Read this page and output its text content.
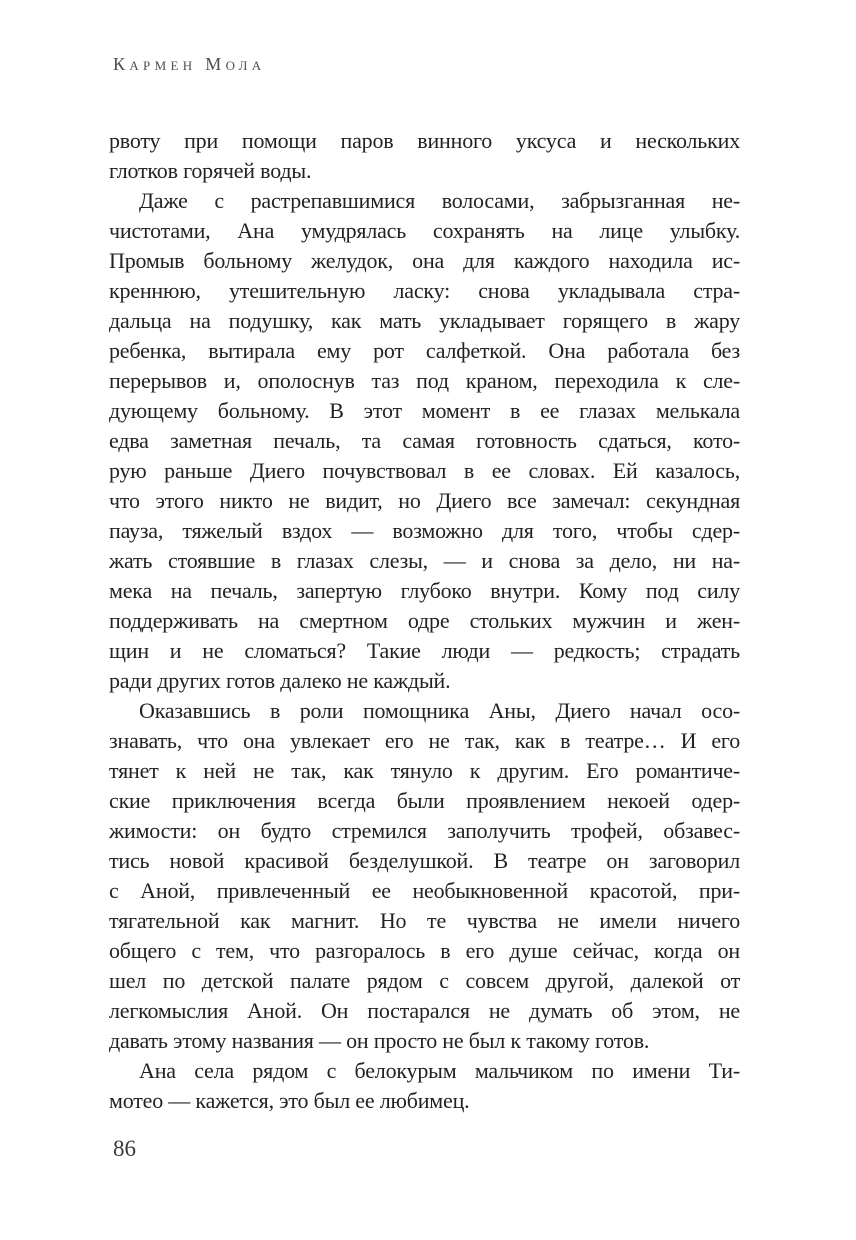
Кармен Мола
рвоту при помощи паров винного уксуса и нескольких
глотков горячей воды.
Даже с растрепавшимися волосами, забрызганная не-
чистотами, Ана умудрялась сохранять на лице улыбку.
Промыв больному желудок, она для каждого находила ис-
креннюю, утешительную ласку: снова укладывала стра-
дальца на подушку, как мать укладывает горящего в жару
ребенка, вытирала ему рот салфеткой. Она работала без
перерывов и, ополоснув таз под краном, переходила к сле-
дующему больному. В этот момент в ее глазах мелькала
едва заметная печаль, та самая готовность сдаться, кото-
рую раньше Диего почувствовал в ее словах. Ей казалось,
что этого никто не видит, но Диего все замечал: секундная
пауза, тяжелый вздох — возможно для того, чтобы сдер-
жать стоявшие в глазах слезы, — и снова за дело, ни на-
мека на печаль, запертую глубоко внутри. Кому под силу
поддерживать на смертном одре стольких мужчин и жен-
щин и не сломаться? Такие люди — редкость; страдать
ради других готов далеко не каждый.
Оказавшись в роли помощника Аны, Диего начал осо-
знавать, что она увлекает его не так, как в театре… И его
тянет к ней не так, как тянуло к другим. Его романтиче-
ские приключения всегда были проявлением некоей одер-
жимости: он будто стремился заполучить трофей, обзавес-
тись новой красивой безделушкой. В театре он заговорил
с Аной, привлеченный ее необыкновенной красотой, при-
тягательной как магнит. Но те чувства не имели ничего
общего с тем, что разгоралось в его душе сейчас, когда он
шел по детской палате рядом с совсем другой, далекой от
легкомыслия Аной. Он постарался не думать об этом, не
давать этому названия — он просто не был к такому готов.
Ана села рядом с белокурым мальчиком по имени Ти-
мотео — кажется, это был ее любимец.
86
